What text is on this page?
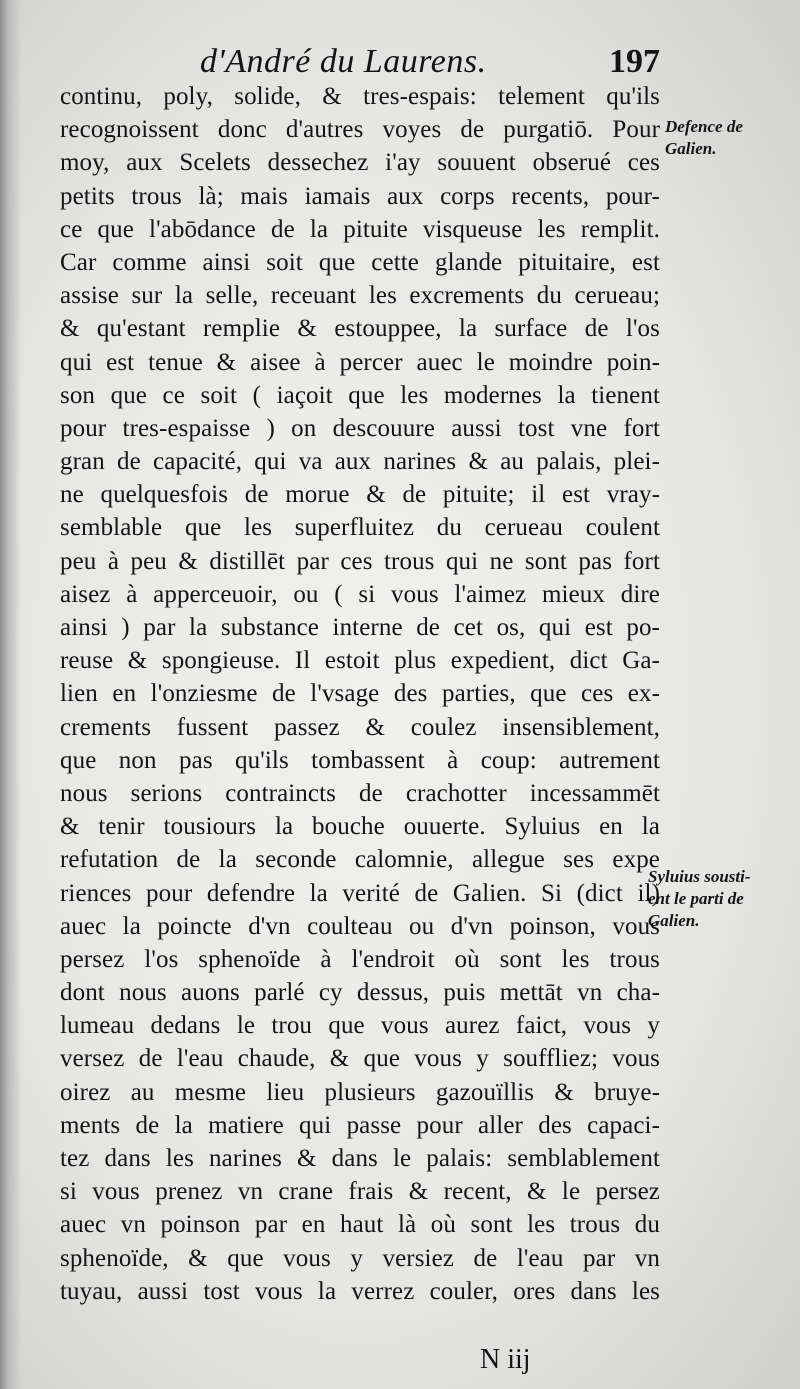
d'André du Laurens.	197
continu, poly, solide, & tres-espais: telement qu'ils
recognoissent donc d'autres voyes de purgatiō. Pour
moy, aux Scelets dessechez i'ay souuent obserué ces
petits trous là; mais iamais aux corps recents, pour-
ce que l'abōdance de la pituite visqueuse les remplit.
Car comme ainsi soit que cette glande pituitaire, est
assise sur la selle, receuant les excrements du cerueau;
& qu'estant remplie & estouppee, la surface de l'os
qui est tenue & aisee à percer auec le moindre poin-
son que ce soit ( iaçoit que les modernes la tienent
pour tres-espaisse ) on descouure aussi tost vne fort
gran de capacité, qui va aux narines & au palais, plei-
ne quelquesfois de morue & de pituite; il est vray-
semblable que les superfluitez du cerueau coulent
peu à peu & distillēt par ces trous qui ne sont pas fort
aisez à apperceuoir, ou ( si vous l'aimez mieux dire
ainsi ) par la substance interne de cet os, qui est po-
reuse & spongieuse. Il estoit plus expedient, dict Ga-
lien en l'onziesme de l'vsage des parties, que ces ex-
crements fussent passez & coulez insensiblement,
que non pas qu'ils tombassent à coup: autrement
nous serions contraincts de crachotter incessammēt
& tenir tousiours la bouche ouuerte. Syluius en la
refutation de la seconde calomnie, allegue ses expe
riences pour defendre la verité de Galien. Si (dict il)
auec la poincte d'vn coulteau ou d'vn poinson, vous
persez l'os sphenoïde à l'endroit où sont les trous
dont nous auons parlé cy dessus, puis mettāt vn cha-
lumeau dedans le trou que vous aurez faict, vous y
versez de l'eau chaude, & que vous y souffliez; vous
oirez au mesme lieu plusieurs gazouïllis & bruye-
ments de la matiere qui passe pour aller des capaci-
tez dans les narines & dans le palais: semblablement
si vous prenez vn crane frais & recent, & le persez
auec vn poinson par en haut là où sont les trous du
sphenoïde, & que vous y versiez de l'eau par vn
tuyau, aussi tost vous la verrez couler, ores dans les
Defence de
Galien.
Syluius sousti-
ent le parti de
Galien.
N iij
